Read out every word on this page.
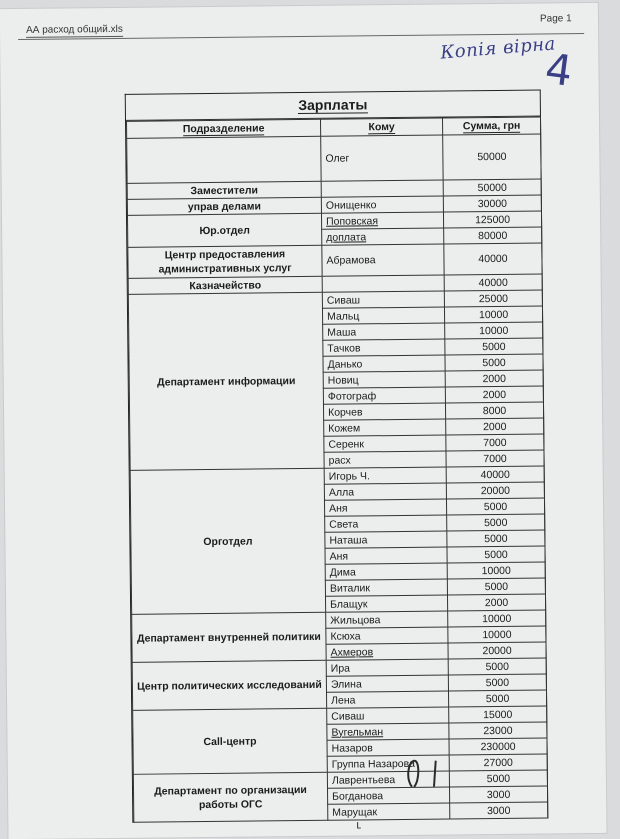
АА расход общий.xls
Page 1
Копія вірна
4
Зарплаты
Подразделение	Кому	Сумма, грн
	Олег	50000
Заместители		50000
управ делами	Онищенко	30000
Юр.отдел	Поповская	125000
	доплата	80000
Центр предоставления административных услуг	Абрамова	40000
Казначейство		40000
Департамент информации	Сиваш	25000
	Мальц	10000
	Маша	10000
	Тачков	5000
	Данько	5000
	Новиц	2000
	Фотограф	2000
	Корчев	8000
	Кожем	2000
	Серенк	7000
	расх	7000
Орготдел	Игорь Ч.	40000
	Алла	20000
	Аня	5000
	Света	5000
	Наташа	5000
	Аня	5000
	Дима	10000
	Виталик	5000
	Блащук	2000
Департамент внутренней политики	Жильцова	10000
	Ксюха	10000
	Ахмеров	20000
Центр политических исследований	Ира	5000
	Элина	5000
	Лена	5000
Call-центр	Сиваш	15000
	Вугельман	23000
	Назаров	230000
	Группа Назарова	27000
Департамент по организации работы ОГС	Лаврентьева	5000
	Богданова	3000
	Марущак	3000
ʟ
